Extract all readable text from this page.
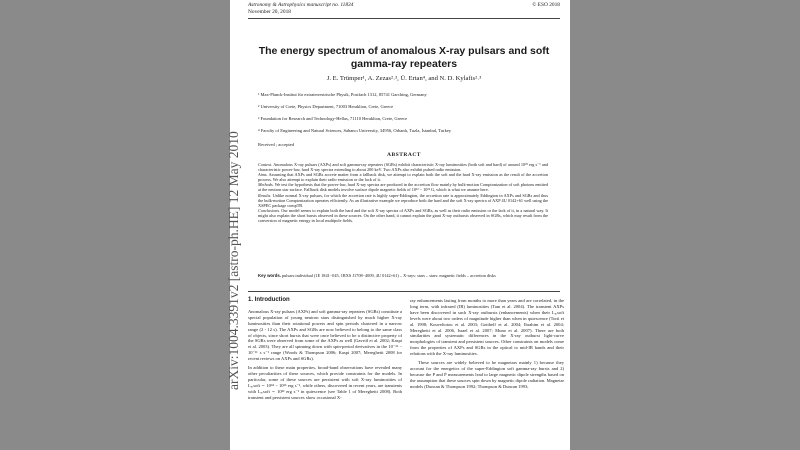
Astronomy & Astrophysics manuscript no. 11834
November 20, 2018
© ESO 2018
The energy spectrum of anomalous X-ray pulsars and soft gamma-ray repeaters
J. E. Trümper¹, A. Zezas²˒³, Ü. Ertan⁴, and N. D. Kylafis²˒³
¹ Max-Planck-Institut für extraterrestrische Physik, Postfach 1312, 85741 Garching, Germany
² University of Crete, Physics Department, 71003 Heraklion, Crete, Greece
³ Foundation for Research and Technology-Hellas, 71110 Heraklion, Crete, Greece
⁴ Faculty of Engineering and Natural Sciences, Sabancı University, 34956, Orhanlı, Tuzla, İstanbul, Turkey
Received ; accepted
ABSTRACT

Context. Anomalous X-ray pulsars (AXPs) and soft gamma-ray repeaters (SGRs) exhibit characteristic X-ray luminosities (both soft and hard) of around 10³⁵ erg s⁻¹ and characteristic power-law, hard X-ray spectra extending to about 200 keV. Two AXPs also exhibit pulsed radio emission.

Aims. Assuming that AXPs and SGRs accrete matter from a fallback disk, we attempt to explain both the soft and the hard X-ray emission as the result of the accretion process. We also attempt to explain their radio emission or the lack of it.

Methods. We test the hypothesis that the power-law, hard X-ray spectra are produced in the accretion flow mainly by bulk-motion Comptonization of soft photons emitted at the neutron star surface. Fallback disk models involve surface dipole magnetic fields of 10¹² − 10¹³ G, which is what we assume here.

Results. Unlike normal X-ray pulsars, for which the accretion rate is highly super-Eddington, the accretion rate is approximately Eddington in AXPs and SGRs and thus the bulk-motion Comptonization operates efficiently. As an illustrative example we reproduce both the hard and the soft X-ray spectra of AXP 4U 0142+61 well using the XSPEC package compTB.

Conclusions. Our model seems to explain both the hard and the soft X-ray spectra of AXPs and SGRs, as well as their radio emission or the lack of it, in a natural way. It might also explain the short bursts observed in these sources. On the other hand, it cannot explain the giant X-ray outbursts observed in SGRs, which may result from the conversion of magnetic energy in local multipole fields.

Key words. pulsars:individual (1E 1841−045, 1RXS J1708−4009, 4U 0142+61) – X-rays: stars – stars: magnetic fields – accretion disks
1. Introduction

Anomalous X-ray pulsars (AXPs) and soft gamma-ray repeaters (SGRs) constitute a special population of young neutron stars distinguished by much higher X-ray luminosities than their rotational powers and spin periods clustered in a narrow range (2 - 12 s). The AXPs and SGRs are now believed to belong to the same class of objects, since short bursts that were once believed to be a distinctive property of the SGRs were observed from some of the AXPs as well (Gavriil et al. 2002; Kaspi et al. 2003). They are all spinning down with spin-period derivatives in the 10⁻¹³ − 10⁻¹¹ s s⁻¹ range (Woods & Thompson 2006; Kaspi 2007; Mereghetti 2008 for recent reviews on AXPs and SGRs).

In addition to these main properties, broad-band observations have revealed many other peculiarities of these sources, which provide constraints for the models. In particular, some of these sources are persistent with soft X-ray luminosities of Lₓ,soft ∼ 10³⁴ − 10³⁶ erg s⁻¹, while others, discovered in recent years, are transients with Lₓ,soft ∼ 10³³ erg s⁻¹ in quiescence (see Table 1 of Mereghetti 2008). Both transient and persistent sources show occasional X-

ray enhancements lasting from months to more than years and are correlated, in the long term, with infrared (IR) luminosities (Tam et al. 2004). The transient AXPs have been discovered in such X-ray outbursts (enhancements) when their Lₓ,soft levels were about two orders of magnitude higher than when in quiescence (Torii et al. 1998; Kouveliotou et al. 2003; Gotthelf et al. 2004; Ibrahim et al. 2004; Mereghetti et al. 2006, Israel et al. 2007; Muno et al. 2007). There are both similarities and systematic differences in the X-ray outburst light-curve morphologies of transient and persistent sources. Other constraints on models come from the properties of AXPs and SGRs in the optical to mid-IR bands and their relations with the X-ray luminosities.

These sources are widely believed to be magnetars mainly 1) because they account for the energetics of the super-Eddington soft gamma-ray bursts and 2) because the P and Ṗ measurements lead to large magnetic dipole strengths based on the assumption that these sources spin down by magnetic dipole radiation. Magnetar models (Duncan & Thompson 1992; Thompson & Duncan 1993;

arXiv:1004.3391v2 [astro-ph.HE] 12 May 2010
